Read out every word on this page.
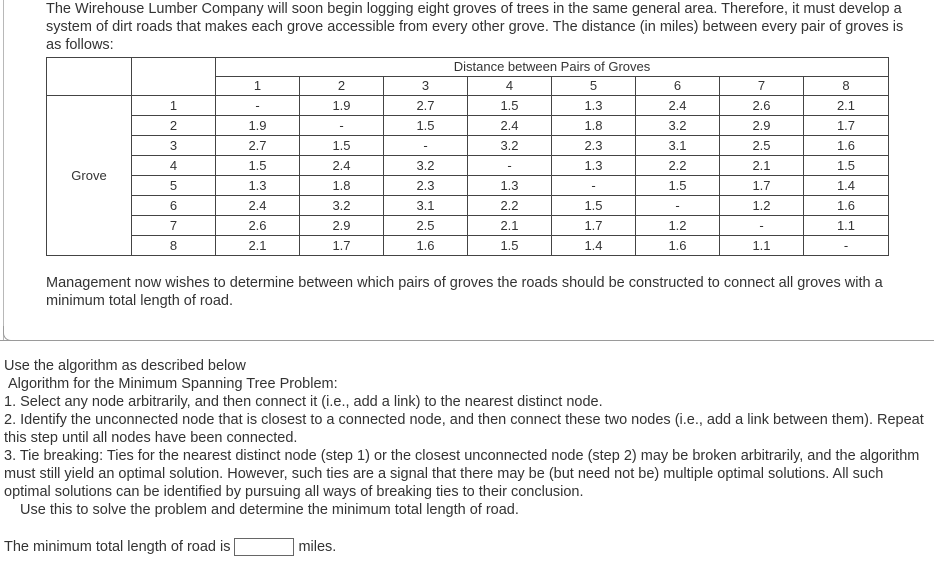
The Wirehouse Lumber Company will soon begin logging eight groves of trees in the same general area. Therefore, it must develop a system of dirt roads that makes each grove accessible from every other grove. The distance (in miles) between every pair of groves is as follows:

		Distance between Pairs of Groves							
		1	2	3	4	5	6	7	8
Grove	1	-	1.9	2.7	1.5	1.3	2.4	2.6	2.1
	2	1.9	-	1.5	2.4	1.8	3.2	2.9	1.7
	3	2.7	1.5	-	3.2	2.3	3.1	2.5	1.6
	4	1.5	2.4	3.2	-	1.3	2.2	2.1	1.5
	5	1.3	1.8	2.3	1.3	-	1.5	1.7	1.4
	6	2.4	3.2	3.1	2.2	1.5	-	1.2	1.6
	7	2.6	2.9	2.5	2.1	1.7	1.2	-	1.1
	8	2.1	1.7	1.6	1.5	1.4	1.6	1.1	-

Management now wishes to determine between which pairs of groves the roads should be constructed to connect all groves with a minimum total length of road.

Use the algorithm as described below

Algorithm for the Minimum Spanning Tree Problem:

1. Select any node arbitrarily, and then connect it (i.e., add a link) to the nearest distinct node.

2. Identify the unconnected node that is closest to a connected node, and then connect these two nodes (i.e., add a link between them). Repeat this step until all nodes have been connected.

3. Tie breaking: Ties for the nearest distinct node (step 1) or the closest unconnected node (step 2) may be broken arbitrarily, and the algorithm must still yield an optimal solution. However, such ties are a signal that there may be (but need not be) multiple optimal solutions. All such optimal solutions can be identified by pursuing all ways of breaking ties to their conclusion.

Use this to solve the problem and determine the minimum total length of road.

The minimum total length of road is	miles.
